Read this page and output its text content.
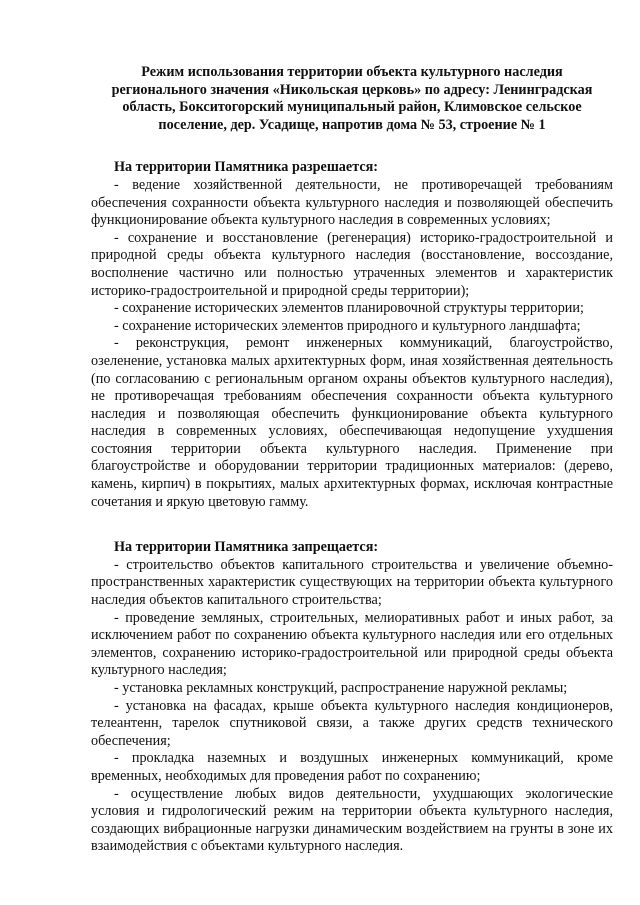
Режим использования территории объекта культурного наследия регионального значения «Никольская церковь» по адресу: Ленинградская область, Бокситогорский муниципальный район, Климовское сельское поселение, дер. Усадище, напротив дома № 53, строение № 1

На территории Памятника разрешается:

- ведение хозяйственной деятельности, не противоречащей требованиям обеспечения сохранности объекта культурного наследия и позволяющей обеспечить функционирование объекта культурного наследия в современных условиях;

- сохранение и восстановление (регенерация) историко-градостроительной и природной среды объекта культурного наследия (восстановление, воссоздание, восполнение частично или полностью утраченных элементов и характеристик историко-градостроительной и природной среды территории);

- сохранение исторических элементов планировочной структуры территории;

- сохранение исторических элементов природного и культурного ландшафта;

- реконструкция, ремонт инженерных коммуникаций, благоустройство, озеленение, установка малых архитектурных форм, иная хозяйственная деятельность (по согласованию с региональным органом охраны объектов культурного наследия), не противоречащая требованиям обеспечения сохранности объекта культурного наследия и позволяющая обеспечить функционирование объекта культурного наследия в современных условиях, обеспечивающая недопущение ухудшения состояния территории объекта культурного наследия. Применение при благоустройстве и оборудовании территории традиционных материалов: (дерево, камень, кирпич) в покрытиях, малых архитектурных формах, исключая контрастные сочетания и яркую цветовую гамму.

На территории Памятника запрещается:

- строительство объектов капитального строительства и увеличение объемно-пространственных характеристик существующих на территории объекта культурного наследия объектов капитального строительства;

- проведение земляных, строительных, мелиоративных работ и иных работ, за исключением работ по сохранению объекта культурного наследия или его отдельных элементов, сохранению историко-градостроительной или природной среды объекта культурного наследия;

- установка рекламных конструкций, распространение наружной рекламы;

- установка на фасадах, крыше объекта культурного наследия кондиционеров, телеантенн, тарелок спутниковой связи, а также других средств технического обеспечения;

- прокладка наземных и воздушных инженерных коммуникаций, кроме временных, необходимых для проведения работ по сохранению;

- осуществление любых видов деятельности, ухудшающих экологические условия и гидрологический режим на территории объекта культурного наследия, создающих вибрационные нагрузки динамическим воздействием на грунты в зоне их взаимодействия с объектами культурного наследия.
